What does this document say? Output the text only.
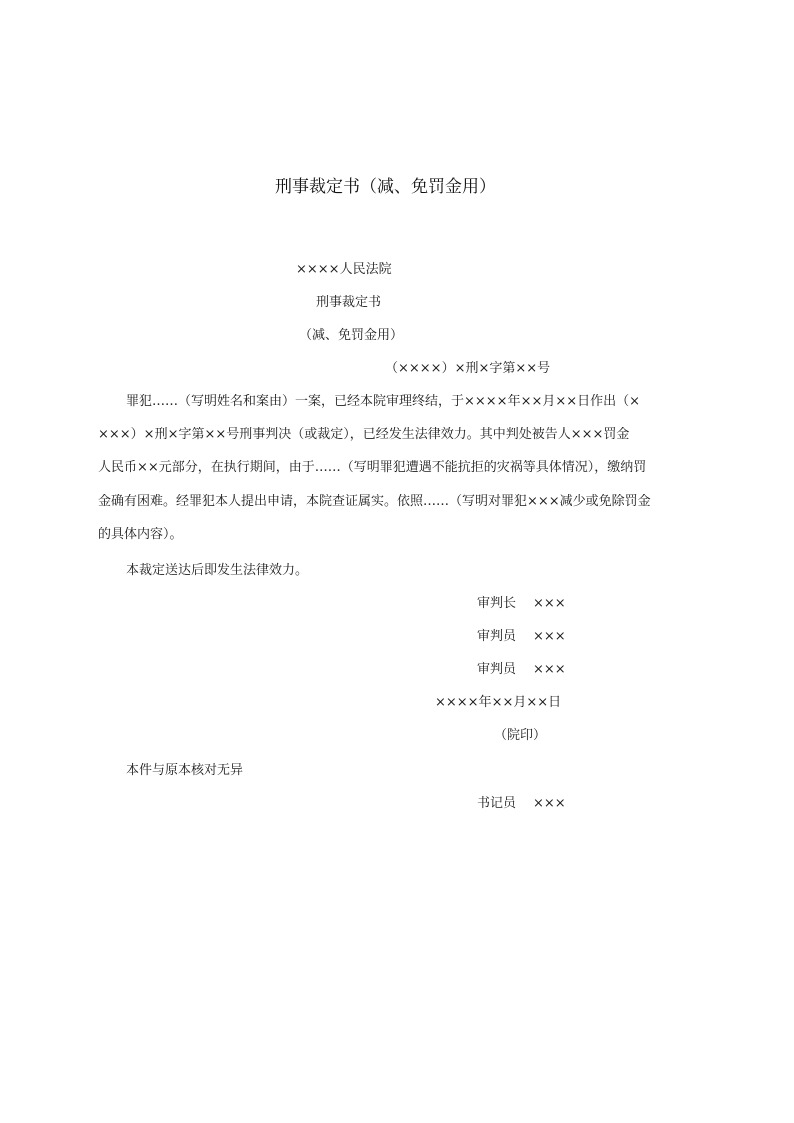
刑事裁定书（减、免罚金用）
××××人民法院
刑事裁定书
（减、免罚金用）
（××××）×刑×字第××号
罪犯……（写明姓名和案由）一案，已经本院审理终结，于××××年××月××日作出（×
×××）×刑×字第××号刑事判决（或裁定），已经发生法律效力。其中判处被告人×××罚金
人民币××元部分，在执行期间，由于……（写明罪犯遭遇不能抗拒的灾祸等具体情况），缴纳罚
金确有困难。经罪犯本人提出申请，本院查证属实。依照……（写明对罪犯×××减少或免除罚金
的具体内容）。
本裁定送达后即发生法律效力。
审判长 ×××
审判员 ×××
审判员 ×××
××××年××月××日
（院印）
本件与原本核对无异
书记员 ×××
